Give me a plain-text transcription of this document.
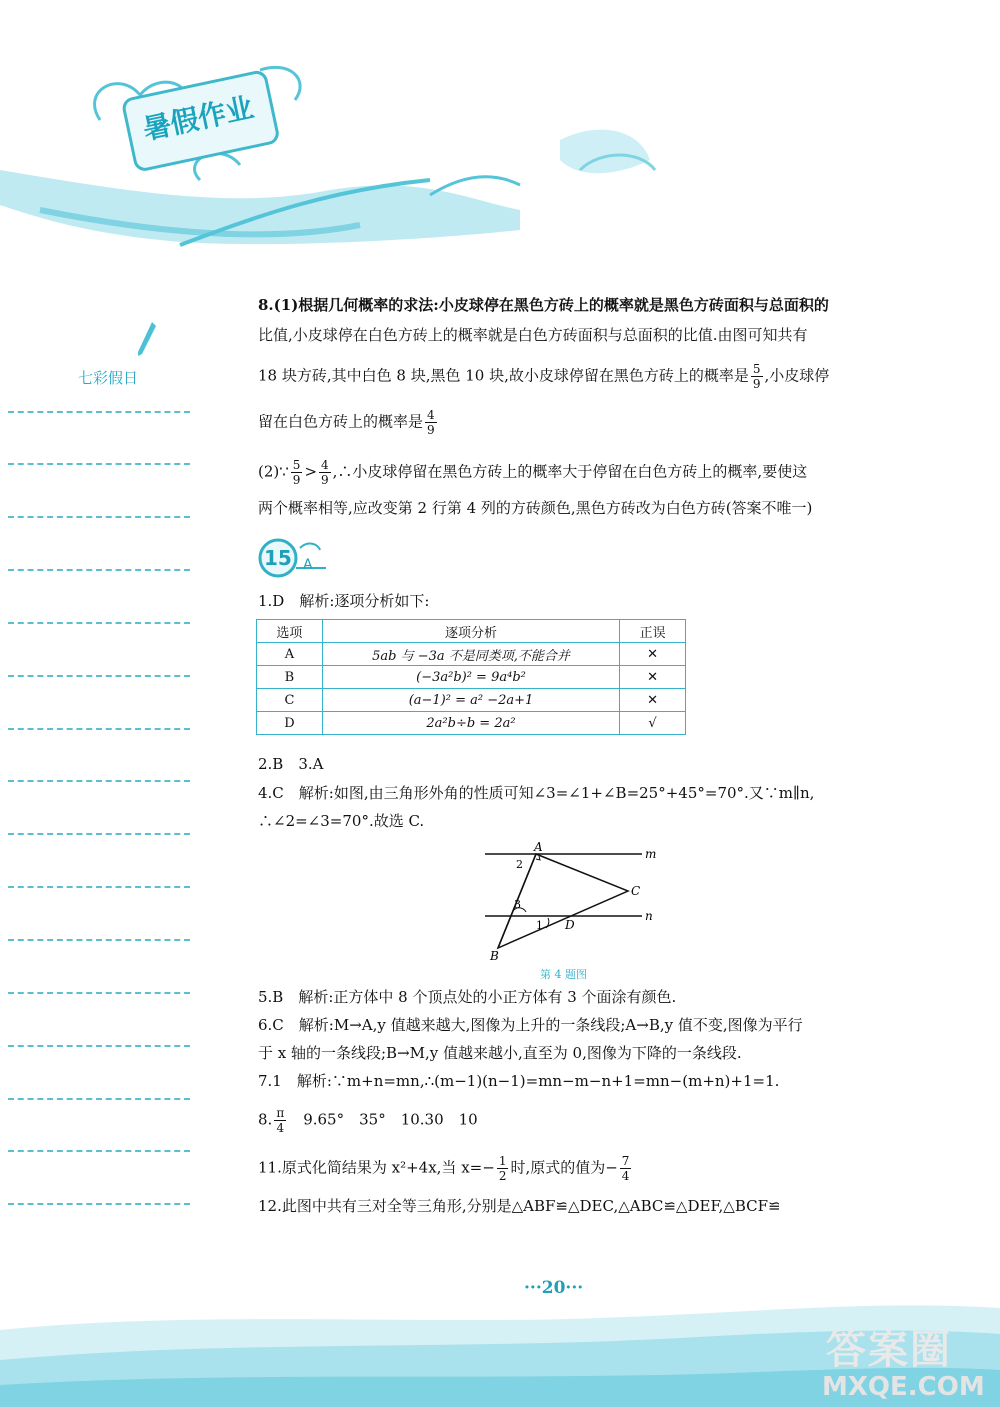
暑假作业
七彩假日
8.(1)根据几何概率的求法:小皮球停在黑色方砖上的概率就是黑色方砖面积与总面积的
比值,小皮球停在白色方砖上的概率就是白色方砖面积与总面积的比值.由图可知共有
18 块方砖,其中白色 8 块,黑色 10 块,故小皮球停留在黑色方砖上的概率是 $\frac{5}{9}$ ,小皮球停
留在白色方砖上的概率是 $\frac{4}{9}$
(2)∵ $\frac{5}{9} > \frac{4}{9}$ ,∴小皮球停留在黑色方砖上的概率大于停留在白色方砖上的概率,要使这
两个概率相等,应改变第 2 行第 4 列的方砖颜色,黑色方砖改为白色方砖(答案不唯一)
15 A
1.D　解析:逐项分析如下:
选项	逐项分析	正误
A	5ab 与 −3a 不是同类项,不能合并	✕
B	(−3a²b)² = 9a⁴b²	✕
C	(a−1)² = a² −2a+1	✕
D	2a²b÷b = 2a²	√
2.B　3.A
4.C　解析:如图,由三角形外角的性质可知∠3=∠1+∠B=25°+45°=70°.又∵m∥n,
∴∠2=∠3=70°.故选 C.
A	m
n
C
D
B
2
3
1
第 4 题图
5.B　解析:正方体中 8 个顶点处的小正方体有 3 个面涂有颜色.
6.C　解析:M→A,y 值越来越大,图像为上升的一条线段;A→B,y 值不变,图像为平行
于 x 轴的一条线段;B→M,y 值越来越小,直至为 0,图像为下降的一条线段.
7.1　解析:∵m+n=mn,∴(m−1)(n−1)=mn−m−n+1=mn−(m+n)+1=1.
8. $\frac{\pi}{4}$ 　9.65°　35°　10.30　10
11.原式化简结果为 x²+4x,当 $x=- \frac{1}{2}$ 时,原式的值为− $\frac{7}{4}$
12.此图中共有三对全等三角形,分别是△ABF≌△DEC,△ABC≌△DEF,△BCF≌
···20···
答案圈
MXQE.COM
